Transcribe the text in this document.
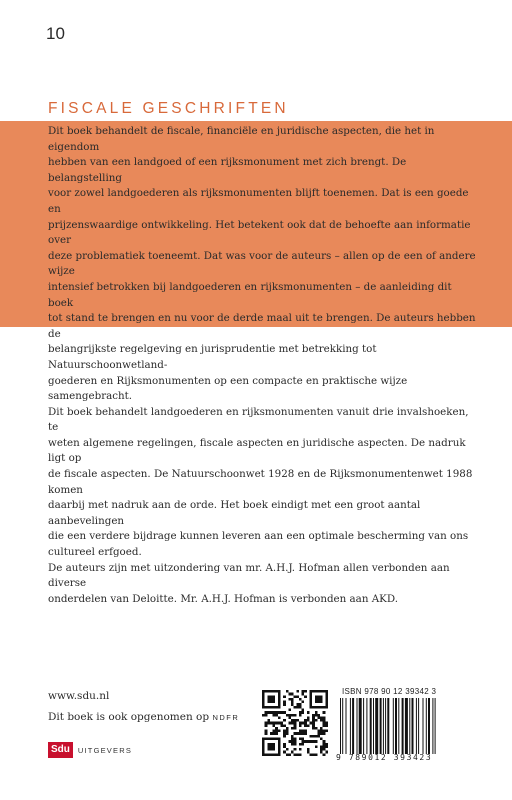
10
FISCALE GESCHRIFTEN

Dit boek behandelt de fiscale, financiële en juridische aspecten, die het in eigendom

hebben van een landgoed of een rijksmonument met zich brengt. De belangstelling

voor zowel landgoederen als rijksmonumenten blijft toenemen. Dat is een goede en

prijzenswaardige ontwikkeling. Het betekent ook dat de behoefte aan informatie over

deze problematiek toeneemt. Dat was voor de auteurs – allen op de een of andere wijze

intensief betrokken bij landgoederen en rijksmonumenten – de aanleiding dit boek

tot stand te brengen en nu voor de derde maal uit te brengen. De auteurs hebben de

belangrijkste regelgeving en jurisprudentie met betrekking tot Natuurschoonwetland-

goederen en Rijksmonumenten op een compacte en praktische wijze samengebracht.

Dit boek behandelt landgoederen en rijksmonumenten vanuit drie invalshoeken, te

weten algemene regelingen, fiscale aspecten en juridische aspecten. De nadruk ligt op

de fiscale aspecten. De Natuurschoonwet 1928 en de Rijksmonumentenwet 1988 komen

daarbij met nadruk aan de orde. Het boek eindigt met een groot aantal aanbevelingen

die een verdere bijdrage kunnen leveren aan een optimale bescherming van ons

cultureel erfgoed.

De auteurs zijn met uitzondering van mr. A.H.J. Hofman allen verbonden aan diverse

onderdelen van Deloitte. Mr. A.H.J. Hofman is verbonden aan AKD.

www.sdu.nl
Dit boek is ook opgenomen op NDFR
Sdu	UITGEVERS
ISBN 978 90 12 39342 3
9 789012 393423
